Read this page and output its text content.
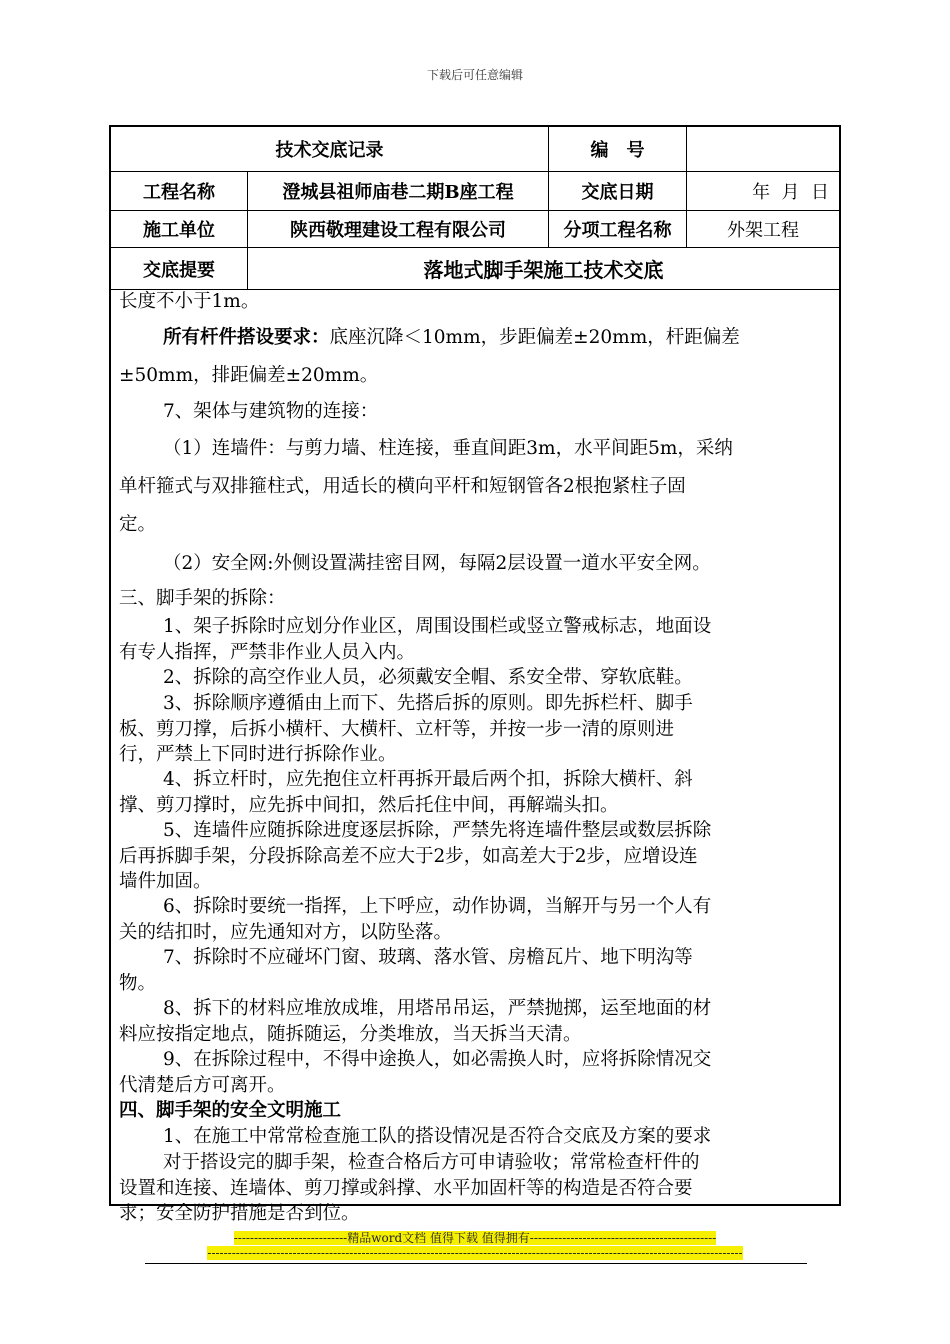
下载后可任意编辑
技术交底记录	编　号
工程名称	澄城县祖师庙巷二期B座工程	交底日期	年  月  日
施工单位	陕西敬理建设工程有限公司	分项工程名称	外架工程
交底提要	落地式脚手架施工技术交底
长度不小于1m。
所有杆件搭设要求：底座沉降＜10mm，步距偏差±20mm，杆距偏差
±50mm，排距偏差±20mm。
7、架体与建筑物的连接：
（1）连墙件：与剪力墙、柱连接，垂直间距3m，水平间距5m，采纳
单杆箍式与双排箍柱式，用适长的横向平杆和短钢管各2根抱紧柱子固
定。
（2）安全网:外侧设置满挂密目网，每隔2层设置一道水平安全网。
三、脚手架的拆除：
1、架子拆除时应划分作业区，周围设围栏或竖立警戒标志，地面设
有专人指挥，严禁非作业人员入内。
2、拆除的高空作业人员，必须戴安全帽、系安全带、穿软底鞋。
3、拆除顺序遵循由上而下、先搭后拆的原则。即先拆栏杆、脚手
板、剪刀撑，后拆小横杆、大横杆、立杆等，并按一步一清的原则进
行，严禁上下同时进行拆除作业。
4、拆立杆时，应先抱住立杆再拆开最后两个扣，拆除大横杆、斜
撑、剪刀撑时，应先拆中间扣，然后托住中间，再解端头扣。
5、连墙件应随拆除进度逐层拆除，严禁先将连墙件整层或数层拆除
后再拆脚手架，分段拆除高差不应大于2步，如高差大于2步，应增设连
墙件加固。
6、拆除时要统一指挥，上下呼应，动作协调，当解开与另一个人有
关的结扣时，应先通知对方，以防坠落。
7、拆除时不应碰坏门窗、玻璃、落水管、房檐瓦片、地下明沟等
物。
8、拆下的材料应堆放成堆，用塔吊吊运，严禁抛掷，运至地面的材
料应按指定地点，随拆随运，分类堆放，当天拆当天清。
9、在拆除过程中，不得中途换人，如必需换人时，应将拆除情况交
代清楚后方可离开。
四、脚手架的安全文明施工
1、在施工中常常检查施工队的搭设情况是否符合交底及方案的要求
对于搭设完的脚手架，检查合格后方可申请验收；常常检查杆件的
设置和连接、连墙体、剪刀撑或斜撑、水平加固杆等的构造是否符合要
求；安全防护措施是否到位。
----------------------------精品word文档 值得下载 值得拥有----------------------------------------------
------------------------------------------------------------------------------------------------------------------------------------
